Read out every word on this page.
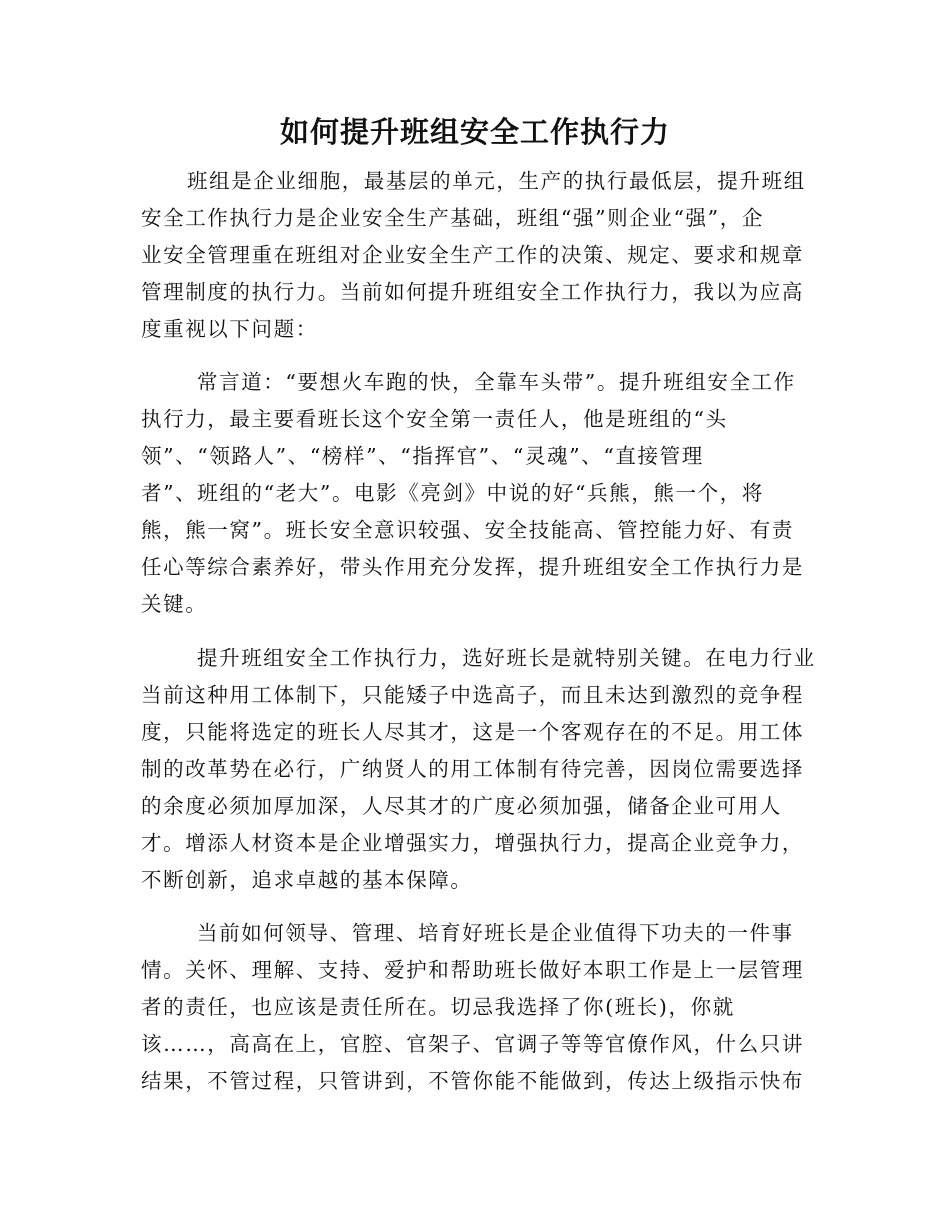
如何提升班组安全工作执行力
班组是企业细胞，最基层的单元，生产的执行最低层，提升班组
安全工作执行力是企业安全生产基础，班组“强”则企业“强”，企
业安全管理重在班组对企业安全生产工作的决策、规定、要求和规章
管理制度的执行力。当前如何提升班组安全工作执行力，我以为应高
度重视以下问题：
常言道：“要想火车跑的快，全靠车头带”。提升班组安全工作
执行力，最主要看班长这个安全第一责任人，他是班组的“头
领”、“领路人”、“榜样”、“指挥官”、“灵魂”、“直接管理
者”、班组的“老大”。电影《亮剑》中说的好“兵熊，熊一个，将
熊，熊一窝”。班长安全意识较强、安全技能高、管控能力好、有责
任心等综合素养好，带头作用充分发挥，提升班组安全工作执行力是
关键。
提升班组安全工作执行力，选好班长是就特别关键。在电力行业
当前这种用工体制下，只能矮子中选高子，而且未达到激烈的竞争程
度，只能将选定的班长人尽其才，这是一个客观存在的不足。用工体
制的改革势在必行，广纳贤人的用工体制有待完善，因岗位需要选择
的余度必须加厚加深，人尽其才的广度必须加强，储备企业可用人
才。增添人材资本是企业增强实力，增强执行力，提高企业竞争力，
不断创新，追求卓越的基本保障。
当前如何领导、管理、培育好班长是企业值得下功夫的一件事
情。关怀、理解、支持、爱护和帮助班长做好本职工作是上一层管理
者的责任，也应该是责任所在。切忌我选择了你(班长)，你就
该……，高高在上，官腔、官架子、官调子等等官僚作风，什么只讲
结果，不管过程，只管讲到，不管你能不能做到，传达上级指示快布
